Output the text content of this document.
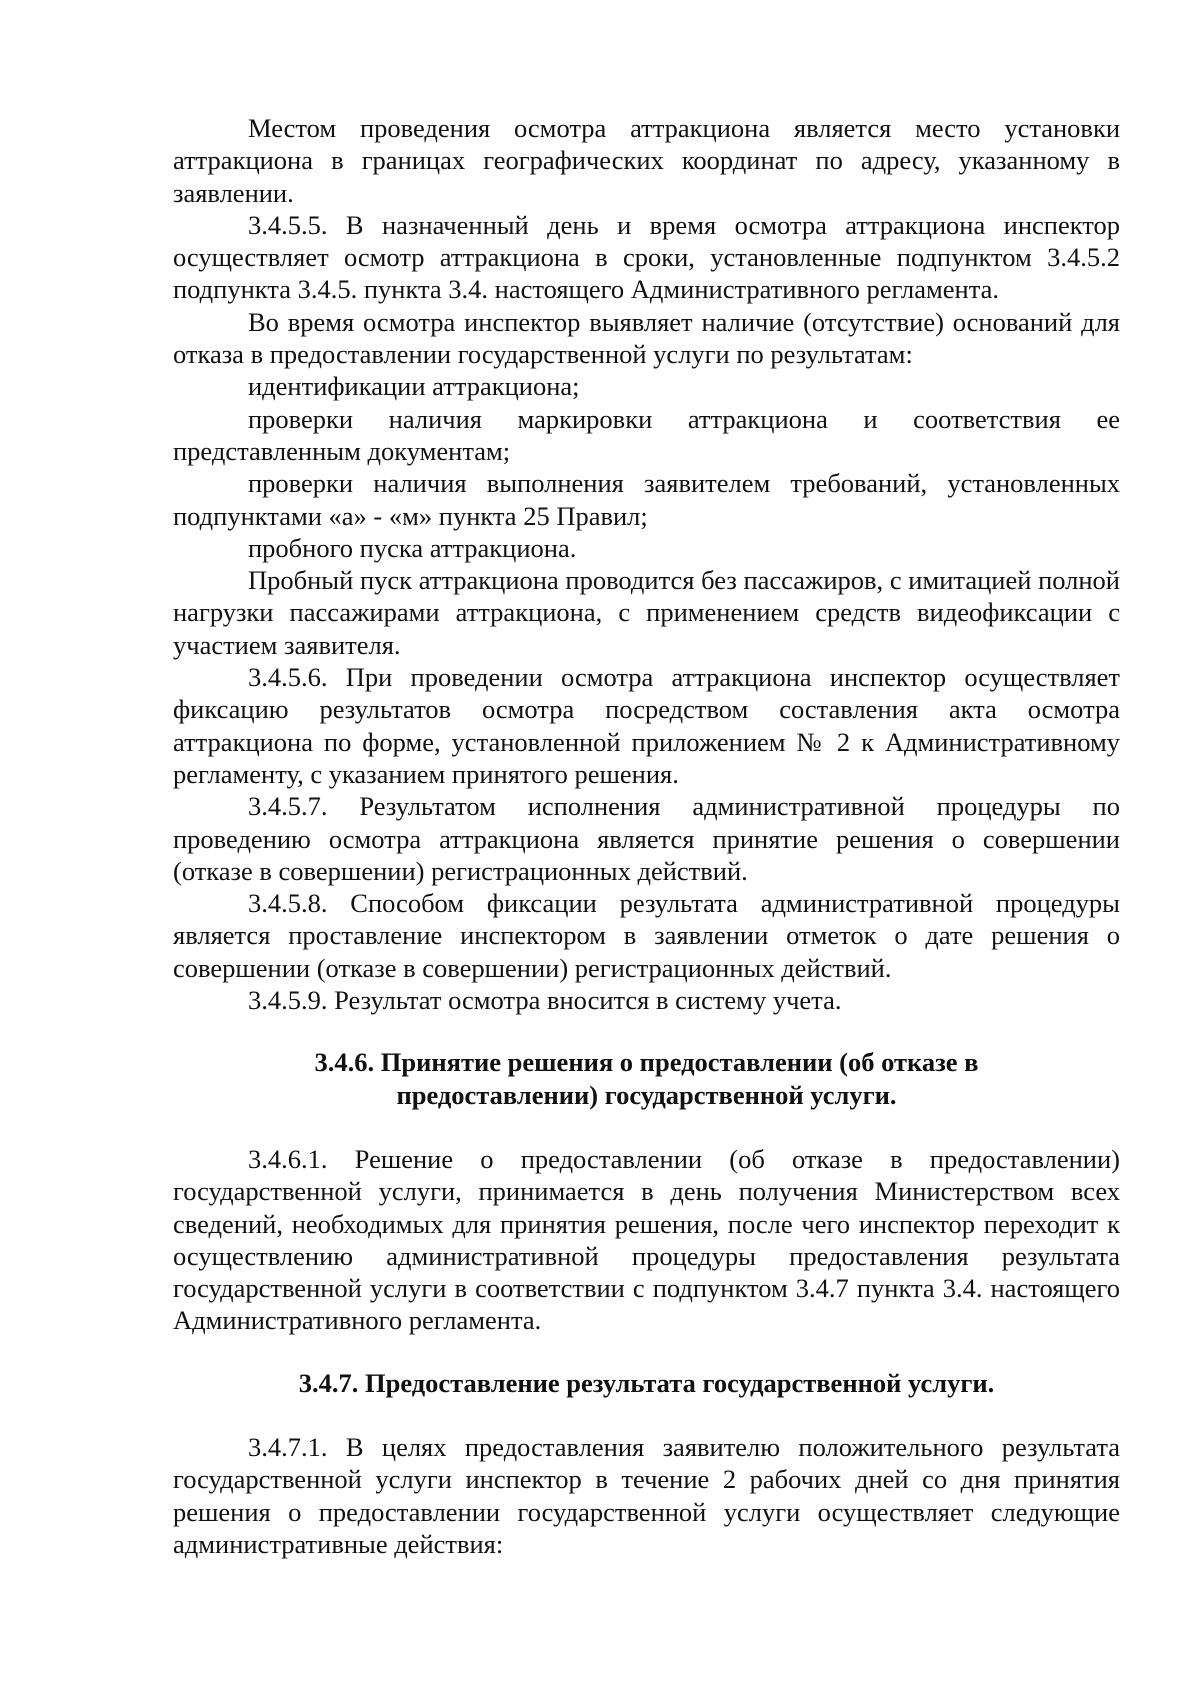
Местом проведения осмотра аттракциона является место установки аттракциона в границах географических координат по адресу, указанному в заявлении.

3.4.5.5. В назначенный день и время осмотра аттракциона инспектор осуществляет осмотр аттракциона в сроки, установленные подпунктом 3.4.5.2 подпункта 3.4.5. пункта 3.4. настоящего Административного регламента.

Во время осмотра инспектор выявляет наличие (отсутствие) оснований для отказа в предоставлении государственной услуги по результатам:

идентификации аттракциона;

проверки наличия маркировки аттракциона и соответствия ее представленным документам;

проверки наличия выполнения заявителем требований, установленных подпунктами «а» - «м» пункта 25 Правил;

пробного пуска аттракциона.

Пробный пуск аттракциона проводится без пассажиров, с имитацией полной нагрузки пассажирами аттракциона, с применением средств видеофиксации с участием заявителя.

3.4.5.6. При проведении осмотра аттракциона инспектор осуществляет фиксацию результатов осмотра посредством составления акта осмотра аттракциона по форме, установленной приложением № 2 к Административному регламенту, с указанием принятого решения.

3.4.5.7. Результатом исполнения административной процедуры по проведению осмотра аттракциона является принятие решения о совершении (отказе в совершении) регистрационных действий.

3.4.5.8. Способом фиксации результата административной процедуры является проставление инспектором в заявлении отметок о дате решения о совершении (отказе в совершении) регистрационных действий.

3.4.5.9. Результат осмотра вносится в систему учета.

3.4.6. Принятие решения о предоставлении (об отказе в
предоставлении) государственной услуги.

3.4.6.1. Решение о предоставлении (об отказе в предоставлении) государственной услуги, принимается в день получения Министерством всех сведений, необходимых для принятия решения, после чего инспектор переходит к осуществлению административной процедуры предоставления результата государственной услуги в соответствии с подпунктом 3.4.7 пункта 3.4. настоящего Административного регламента.

3.4.7. Предоставление результата государственной услуги.

3.4.7.1. В целях предоставления заявителю положительного результата государственной услуги инспектор в течение 2 рабочих дней со дня принятия решения о предоставлении государственной услуги осуществляет следующие административные действия:
